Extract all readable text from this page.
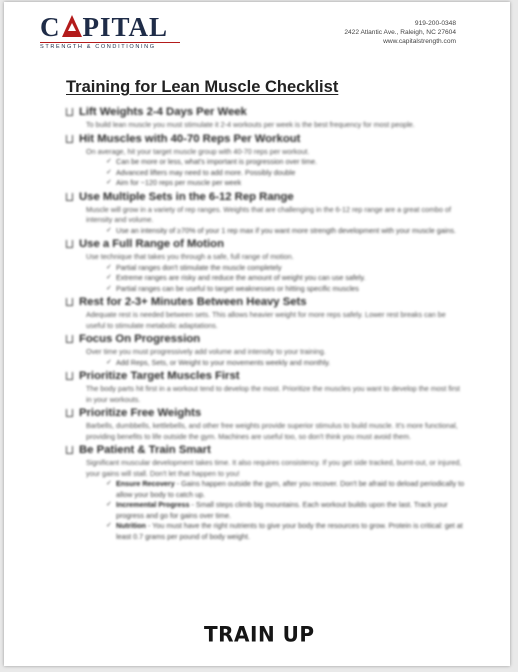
C PITAL
STRENGTH & CONDITIONING
919-200-0348
2422 Atlantic Ave., Raleigh, NC 27604
www.capitalstrength.com
Training for Lean Muscle Checklist
Lift Weights 2-4 Days Per Week
To build lean muscle you must stimulate it 2-4 workouts per week is the best frequency for most people.
Hit Muscles with 40-70 Reps Per Workout
On average, hit your target muscle group with 40-70 reps per workout.
✓ Can be more or less, what's important is progression over time.
✓ Advanced lifters may need to add more. Possibly double
✓ Aim for ~120 reps per muscle per week
Use Multiple Sets in the 6-12 Rep Range
Muscle will grow in a variety of rep ranges. Weights that are challenging in the 6-12 rep range are a great combo of intensity and volume.
✓ Use an intensity of ≥70% of your 1 rep max if you want more strength development with your muscle gains.
Use a Full Range of Motion
Use technique that takes you through a safe, full range of motion.
✓ Partial ranges don't stimulate the muscle completely
✓ Extreme ranges are risky and reduce the amount of weight you can use safely.
✓ Partial ranges can be useful to target weaknesses or hitting specific muscles
Rest for 2-3+ Minutes Between Heavy Sets
Adequate rest is needed between sets. This allows heavier weight for more reps safely. Lower rest breaks can be useful to stimulate metabolic adaptations.
Focus On Progression
Over time you must progressively add volume and intensity to your training.
✓ Add Reps, Sets, or Weight to your movements weekly and monthly.
Prioritize Target Muscles First
The body parts hit first in a workout tend to develop the most. Prioritize the muscles you want to develop the most first in your workouts.
Prioritize Free Weights
Barbells, dumbbells, kettlebells, and other free weights provide superior stimulus to build muscle. It's more functional, providing benefits to life outside the gym. Machines are useful too, so don't think you must avoid them.
Be Patient & Train Smart
Significant muscular development takes time. It also requires consistency. If you get side tracked, burnt-out, or injured, your gains will stall. Don't let that happen to you!
✓ Ensure Recovery - Gains happen outside the gym, after you recover. Don't be afraid to deload periodically to allow your body to catch up.
✓ Incremental Progress - Small steps climb big mountains. Each workout builds upon the last. Track your progress and go for gains over time.
✓ Nutrition - You must have the right nutrients to give your body the resources to grow. Protein is critical: get at least 0.7 grams per pound of body weight.
TRAIN UP
